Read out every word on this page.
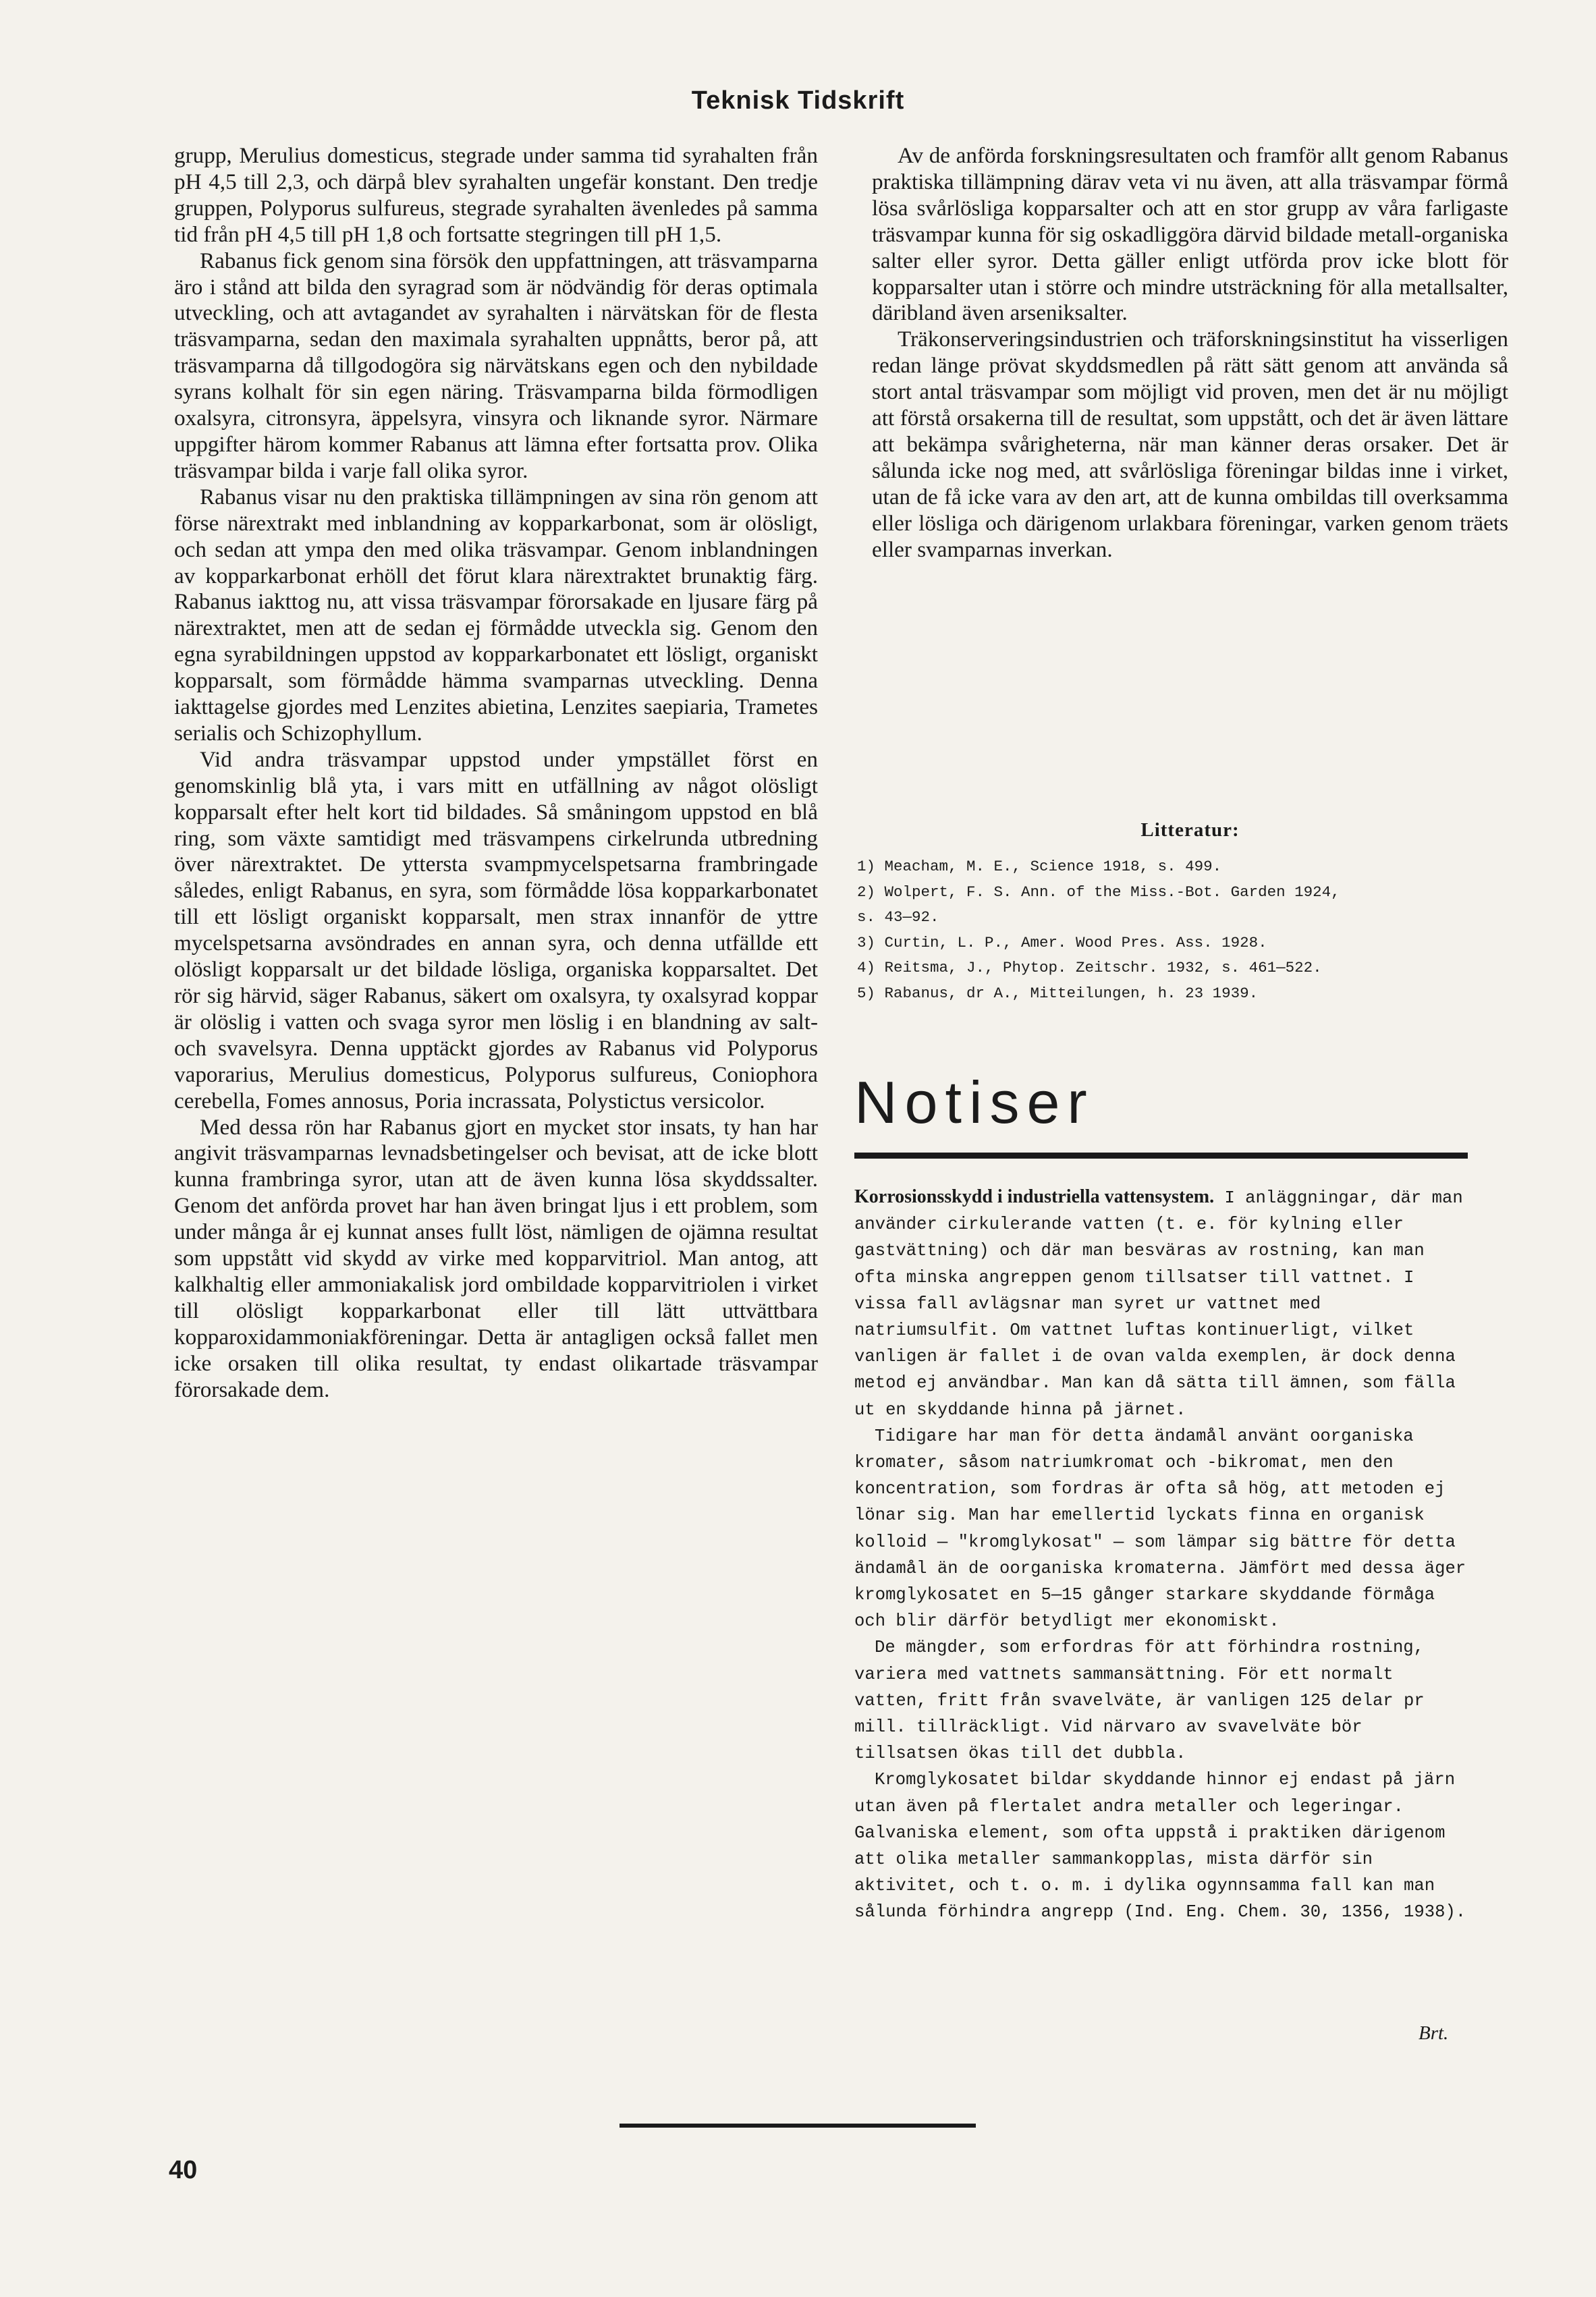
Teknisk Tidskrift

grupp, Merulius domesticus, stegrade under samma tid syrahalten från pH 4,5 till 2,3, och därpå blev syrahalten ungefär konstant. Den tredje gruppen, Polyporus sulfureus, stegrade syrahalten ävenledes på samma tid från pH 4,5 till pH 1,8 och fortsatte stegringen till pH 1,5.

Rabanus fick genom sina försök den uppfattningen, att träsvamparna äro i stånd att bilda den syragrad som är nödvändig för deras optimala utveckling, och att avtagandet av syrahalten i närvätskan för de flesta träsvamparna, sedan den maximala syrahalten uppnåtts, beror på, att träsvamparna då tillgodogöra sig närvätskans egen och den nybildade syrans kolhalt för sin egen näring. Träsvamparna bilda förmodligen oxalsyra, citronsyra, äppelsyra, vinsyra och liknande syror. Närmare uppgifter härom kommer Rabanus att lämna efter fortsatta prov. Olika träsvampar bilda i varje fall olika syror.

Rabanus visar nu den praktiska tillämpningen av sina rön genom att förse närextrakt med inblandning av kopparkarbonat, som är olösligt, och sedan att ympa den med olika träsvampar. Genom inblandningen av kopparkarbonat erhöll det förut klara närextraktet brunaktig färg. Rabanus iakttog nu, att vissa träsvampar förorsakade en ljusare färg på närextraktet, men att de sedan ej förmådde utveckla sig. Genom den egna syrabildningen uppstod av kopparkarbonatet ett lösligt, organiskt kopparsalt, som förmådde hämma svamparnas utveckling. Denna iakttagelse gjordes med Lenzites abietina, Lenzites saepiaria, Trametes serialis och Schizophyllum.

Vid andra träsvampar uppstod under ympstället först en genomskinlig blå yta, i vars mitt en utfällning av något olösligt kopparsalt efter helt kort tid bildades. Så småningom uppstod en blå ring, som växte samtidigt med träsvampens cirkelrunda utbredning över närextraktet. De yttersta svampmycelspetsarna frambringade således, enligt Rabanus, en syra, som förmådde lösa kopparkarbonatet till ett lösligt organiskt kopparsalt, men strax innanför de yttre mycelspetsarna avsöndrades en annan syra, och denna utfällde ett olösligt kopparsalt ur det bildade lösliga, organiska kopparsaltet. Det rör sig härvid, säger Rabanus, säkert om oxalsyra, ty oxalsyrad koppar är olöslig i vatten och svaga syror men löslig i en blandning av salt- och svavelsyra. Denna upptäckt gjordes av Rabanus vid Polyporus vaporarius, Merulius domesticus, Polyporus sulfureus, Coniophora cerebella, Fomes annosus, Poria incrassata, Polystictus versicolor.

Med dessa rön har Rabanus gjort en mycket stor insats, ty han har angivit träsvamparnas levnadsbetingelser och bevisat, att de icke blott kunna frambringa syror, utan att de även kunna lösa skyddssalter. Genom det anförda provet har han även bringat ljus i ett problem, som under många år ej kunnat anses fullt löst, nämligen de ojämna resultat som uppstått vid skydd av virke med kopparvitriol. Man antog, att kalkhaltig eller ammoniakalisk jord ombildade kopparvitriolen i virket till olösligt kopparkarbonat eller till lätt uttvättbara kopparoxidammoniakföreningar. Detta är antagligen också fallet men icke orsaken till olika resultat, ty endast olikartade träsvampar förorsakade dem.

Av de anförda forskningsresultaten och framför allt genom Rabanus praktiska tillämpning därav veta vi nu även, att alla träsvampar förmå lösa svårlösliga kopparsalter och att en stor grupp av våra farligaste träsvampar kunna för sig oskadliggöra därvid bildade metall-organiska salter eller syror. Detta gäller enligt utförda prov icke blott för kopparsalter utan i större och mindre utsträckning för alla metallsalter, däribland även arseniksalter.

Träkonserveringsindustrien och träforskningsinstitut ha visserligen redan länge prövat skyddsmedlen på rätt sätt genom att använda så stort antal träsvampar som möjligt vid proven, men det är nu möjligt att förstå orsakerna till de resultat, som uppstått, och det är även lättare att bekämpa svårigheterna, när man känner deras orsaker. Det är sålunda icke nog med, att svårlösliga föreningar bildas inne i virket, utan de få icke vara av den art, att de kunna ombildas till overksamma eller lösliga och därigenom urlakbara föreningar, varken genom träets eller svamparnas inverkan.

Litteratur:
1) Meacham, M. E., Science 1918, s. 499.
2) Wolpert, F. S. Ann. of the Miss.-Bot. Garden 1924,
s. 43—92.
3) Curtin, L. P., Amer. Wood Pres. Ass. 1928.
4) Reitsma, J., Phytop. Zeitschr. 1932, s. 461—522.
5) Rabanus, dr A., Mitteilungen, h. 23 1939.
Notiser

Korrosionsskydd i industriella vattensystem. I anläggningar, där man använder cirkulerande vatten (t. e. för kylning eller gastvättning) och där man besväras av rostning, kan man ofta minska angreppen genom tillsatser till vattnet. I vissa fall avlägsnar man syret ur vattnet med natriumsulfit. Om vattnet luftas kontinuerligt, vilket vanligen är fallet i de ovan valda exemplen, är dock denna metod ej användbar. Man kan då sätta till ämnen, som fälla ut en skyddande hinna på järnet.

Tidigare har man för detta ändamål använt oorganiska kromater, såsom natriumkromat och -bikromat, men den koncentration, som fordras är ofta så hög, att metoden ej lönar sig. Man har emellertid lyckats finna en organisk kolloid — "kromglykosat" — som lämpar sig bättre för detta ändamål än de oorganiska kromaterna. Jämfört med dessa äger kromglykosatet en 5—15 gånger starkare skyddande förmåga och blir därför betydligt mer ekonomiskt.

De mängder, som erfordras för att förhindra rostning, variera med vattnets sammansättning. För ett normalt vatten, fritt från svavelväte, är vanligen 125 delar pr mill. tillräckligt. Vid närvaro av svavelväte bör tillsatsen ökas till det dubbla.

Kromglykosatet bildar skyddande hinnor ej endast på järn utan även på flertalet andra metaller och legeringar. Galvaniska element, som ofta uppstå i praktiken därigenom att olika metaller sammankopplas, mista därför sin aktivitet, och t. o. m. i dylika ogynnsamma fall kan man sålunda förhindra angrepp (Ind. Eng. Chem. 30, 1356, 1938).

Brt.
40
